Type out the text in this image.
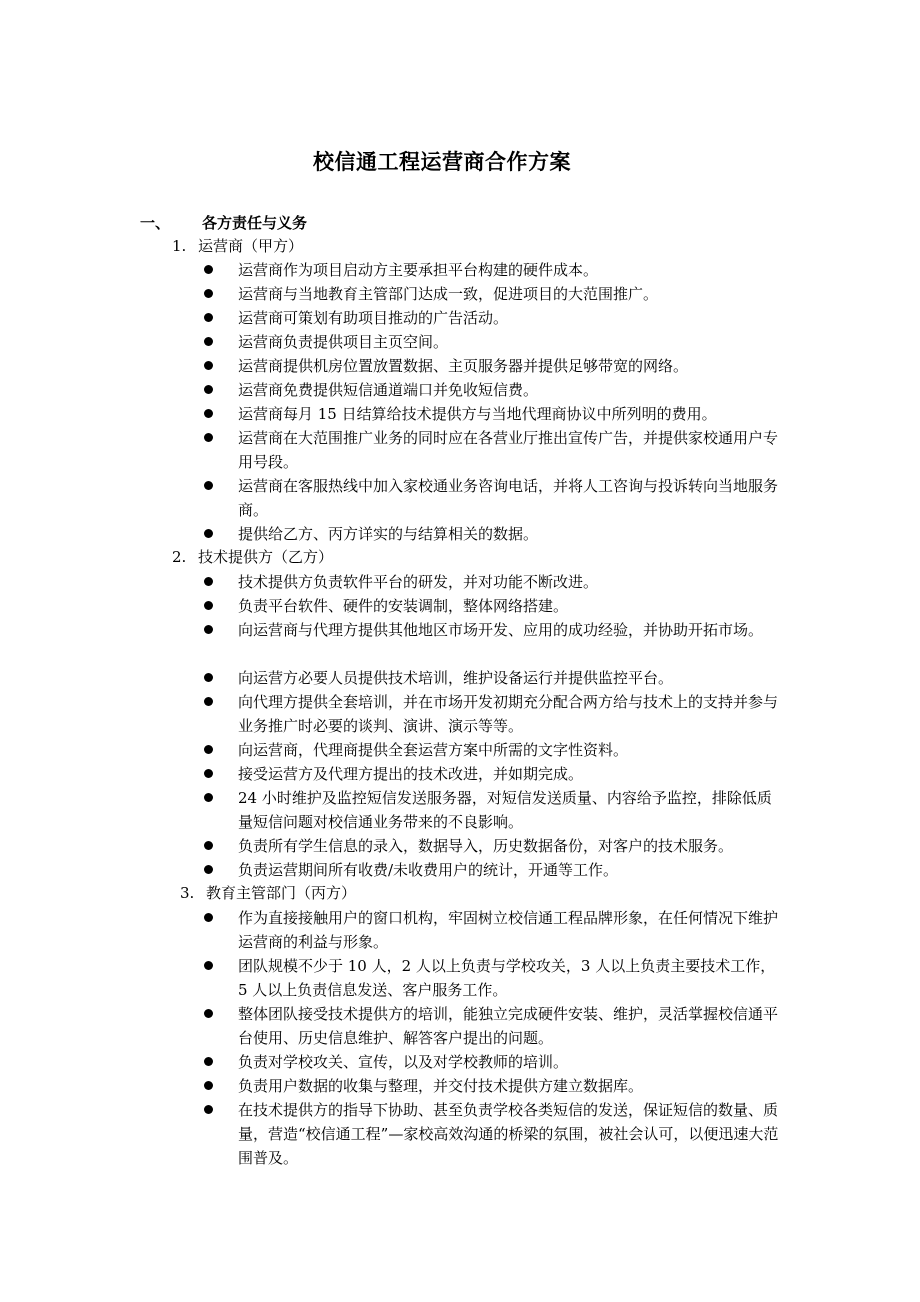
校信通工程运营商合作方案
一、 各方责任与义务
1. 运营商（甲方）
运营商作为项目启动方主要承担平台构建的硬件成本。
运营商与当地教育主管部门达成一致，促进项目的大范围推广。
运营商可策划有助项目推动的广告活动。
运营商负责提供项目主页空间。
运营商提供机房位置放置数据、主页服务器并提供足够带宽的网络。
运营商免费提供短信通道端口并免收短信费。
运营商每月 15 日结算给技术提供方与当地代理商协议中所列明的费用。
运营商在大范围推广业务的同时应在各营业厅推出宣传广告，并提供家校通用户专用号段。
运营商在客服热线中加入家校通业务咨询电话，并将人工咨询与投诉转向当地服务商。
提供给乙方、丙方详实的与结算相关的数据。
2. 技术提供方（乙方）
技术提供方负责软件平台的研发，并对功能不断改进。
负责平台软件、硬件的安装调制，整体网络搭建。
向运营商与代理方提供其他地区市场开发、应用的成功经验，并协助开拓市场。
向运营方必要人员提供技术培训，维护设备运行并提供监控平台。
向代理方提供全套培训，并在市场开发初期充分配合两方给与技术上的支持并参与业务推广时必要的谈判、演讲、演示等等。
向运营商，代理商提供全套运营方案中所需的文字性资料。
接受运营方及代理方提出的技术改进，并如期完成。
24 小时维护及监控短信发送服务器，对短信发送质量、内容给予监控，排除低质量短信问题对校信通业务带来的不良影响。
负责所有学生信息的录入，数据导入，历史数据备份，对客户的技术服务。
负责运营期间所有收费/未收费用户的统计，开通等工作。
3. 教育主管部门（丙方）
作为直接接触用户的窗口机构，牢固树立校信通工程品牌形象，在任何情况下维护运营商的利益与形象。
团队规模不少于 10 人，2 人以上负责与学校攻关，3 人以上负责主要技术工作，5 人以上负责信息发送、客户服务工作。
整体团队接受技术提供方的培训，能独立完成硬件安装、维护，灵活掌握校信通平台使用、历史信息维护、解答客户提出的问题。
负责对学校攻关、宣传，以及对学校教师的培训。
负责用户数据的收集与整理，并交付技术提供方建立数据库。
在技术提供方的指导下协助、甚至负责学校各类短信的发送，保证短信的数量、质量，营造“校信通工程”—家校高效沟通的桥梁的氛围，被社会认可，以便迅速大范围普及。
